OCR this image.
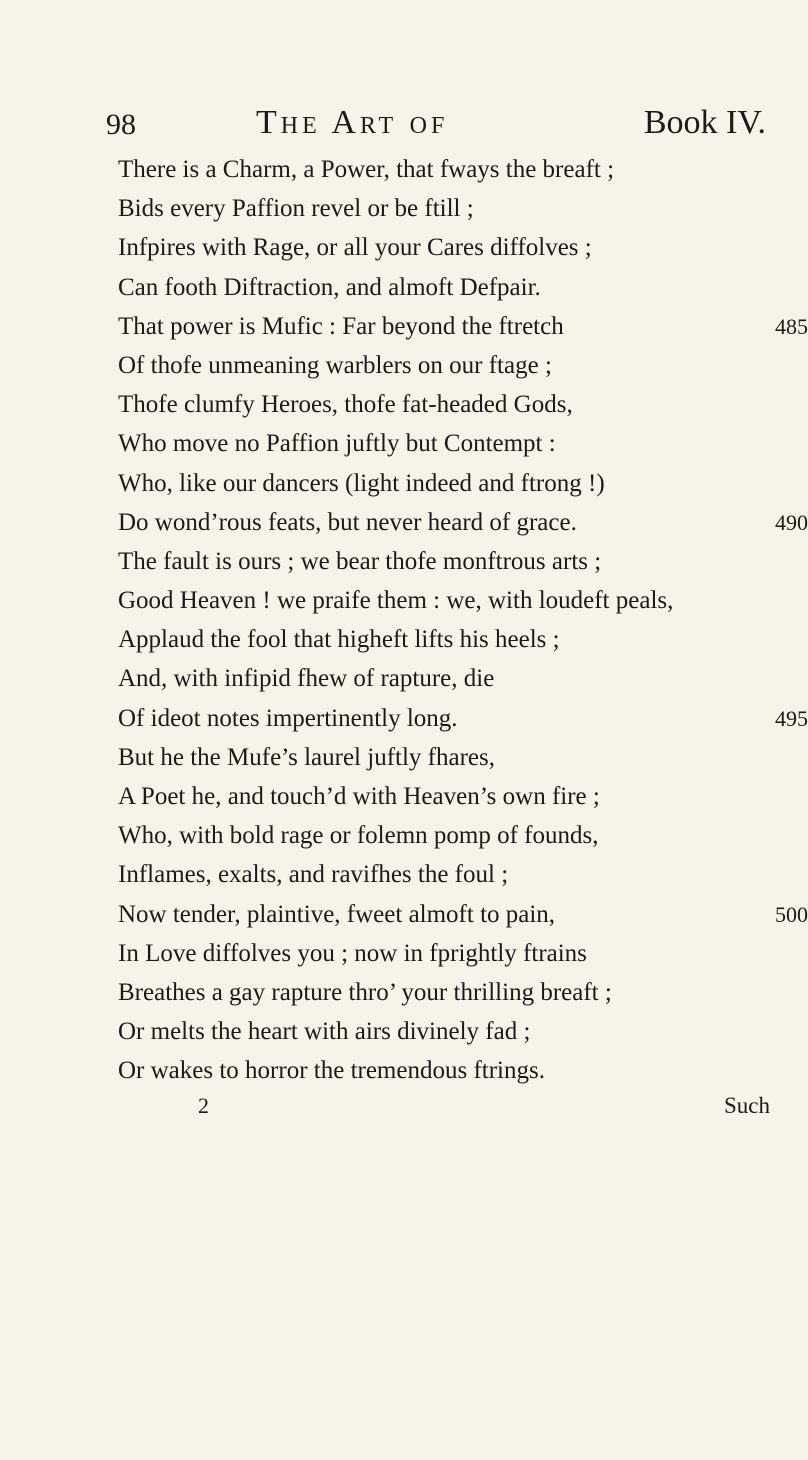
98	The Art of	Book IV.
There is a Charm, a Power, that fways the breaft ;
Bids every Paffion revel or be ftill ;
Infpires with Rage, or all your Cares diffolves ;
Can footh Diftraction, and almoft Defpair.
That power is Mufic : Far beyond the ftretch	485
Of thofe unmeaning warblers on our ftage ;
Thofe clumfy Heroes, thofe fat-headed Gods,
Who move no Paffion juftly but Contempt :
Who, like our dancers (light indeed and ftrong !)
Do wond’rous feats, but never heard of grace.	490
The fault is ours ; we bear thofe monftrous arts ;
Good Heaven ! we praife them : we, with loudeft peals,
Applaud the fool that higheft lifts his heels ;
And, with infipid fhew of rapture, die
Of ideot notes impertinently long.	495
But he the Mufe’s laurel juftly fhares,
A Poet he, and touch’d with Heaven’s own fire ;
Who, with bold rage or folemn pomp of founds,
Inflames, exalts, and ravifhes the foul ;
Now tender, plaintive, fweet almoft to pain,	500
In Love diffolves you ; now in fprightly ftrains
Breathes a gay rapture thro’ your thrilling breaft ;
Or melts the heart with airs divinely fad ;
Or wakes to horror the tremendous ftrings.
2	Such
